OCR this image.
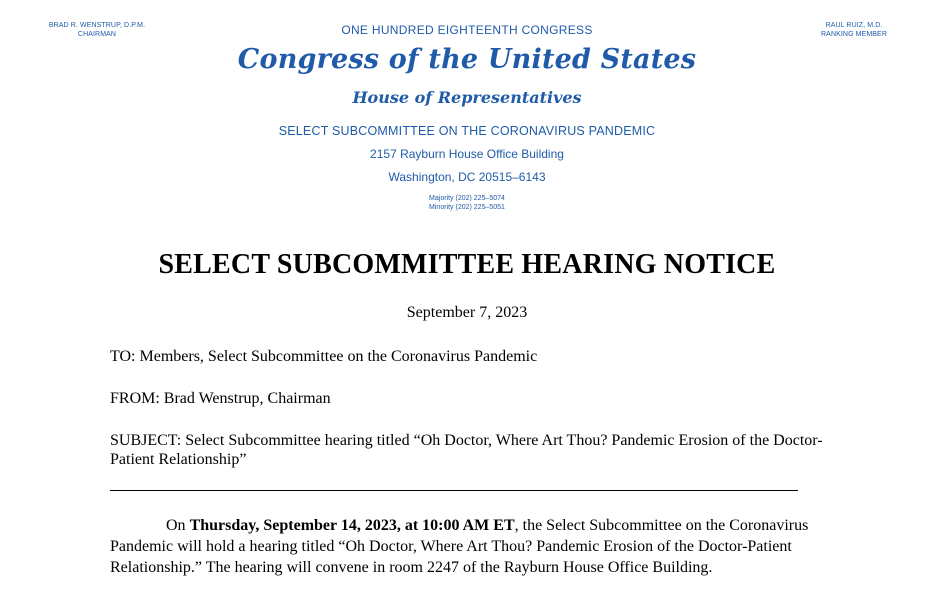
BRAD R. WENSTRUP, D.P.M.
CHAIRMAN
RAUL RUIZ, M.D.
RANKING MEMBER
ONE HUNDRED EIGHTEENTH CONGRESS
Congress of the United States
House of Representatives
SELECT SUBCOMMITTEE ON THE CORONAVIRUS PANDEMIC
2157 Rayburn House Office Building
Washington, DC 20515–6143
Majority (202) 225–5074
Minority (202) 225–5051
SELECT SUBCOMMITTEE HEARING NOTICE
September 7, 2023
TO: Members, Select Subcommittee on the Coronavirus Pandemic
FROM: Brad Wenstrup, Chairman
SUBJECT: Select Subcommittee hearing titled “Oh Doctor, Where Art Thou? Pandemic Erosion of the Doctor-Patient Relationship”
On Thursday, September 14, 2023, at 10:00 AM ET, the Select Subcommittee on the Coronavirus Pandemic will hold a hearing titled “Oh Doctor, Where Art Thou? Pandemic Erosion of the Doctor-Patient Relationship.” The hearing will convene in room 2247 of the Rayburn House Office Building.
